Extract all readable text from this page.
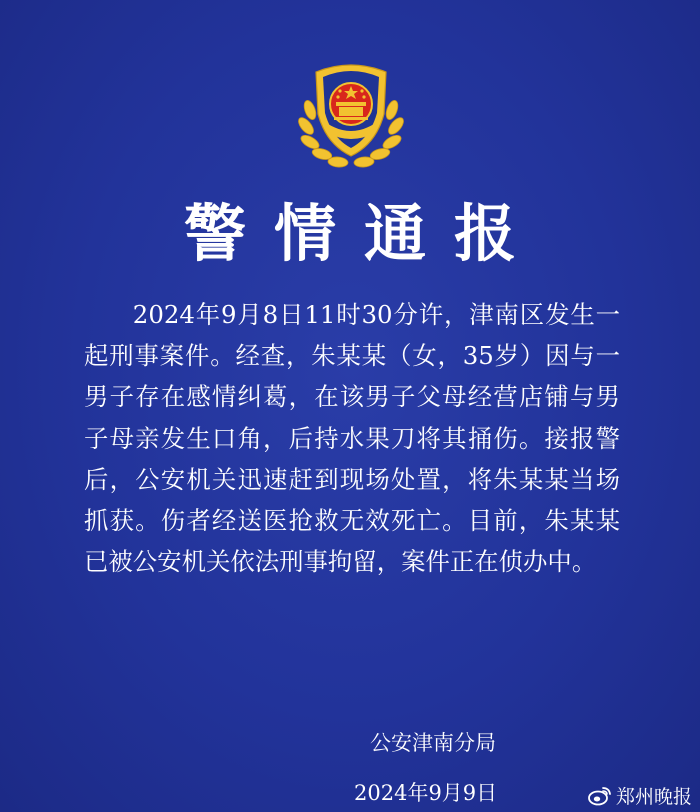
警情通报

2024年9月8日11时30分许，津南区发生一起刑事案件。经查，朱某某（女，35岁）因与一男子存在感情纠葛，在该男子父母经营店铺与男子母亲发生口角，后持水果刀将其捅伤。接报警后，公安机关迅速赶到现场处置，将朱某某当场抓获。伤者经送医抢救无效死亡。目前，朱某某已被公安机关依法刑事拘留，案件正在侦办中。

公安津南分局
2024年9月9日	郑州晚报
